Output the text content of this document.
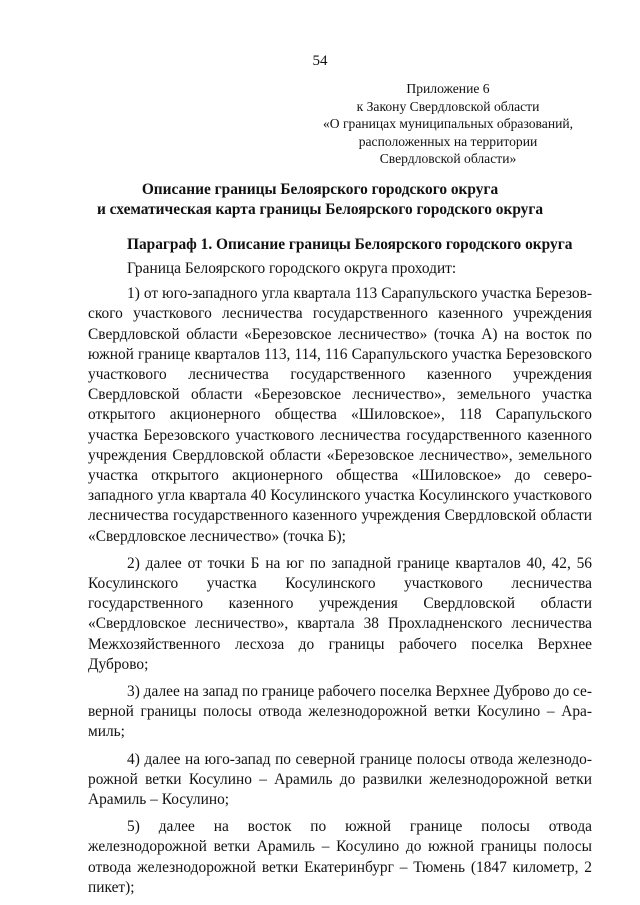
54
Приложение 6
к Закону Свердловской области
«О границах муниципальных образований,
расположенных на территории
Свердловской области»
Описание границы Белоярского городского округа
и схематическая карта границы Белоярского городского округа
Параграф 1. Описание границы Белоярского городского округа

Граница Белоярского городского округа проходит:

1) от юго-западного угла квартала 113 Сарапульского участка Березовского участкового лесничества государственного казенного учреждения Свердловской области «Березовское лесничество» (точка А) на восток по южной границе кварталов 113, 114, 116 Сарапульского участка Березовского участкового лесничества государственного казенного учреждения Свердловской области «Березовское лесничество», земельного участка открытого акционерного общества «Шиловское», 118 Сарапульского участка Березовского участкового лесничества государственного казенного учреждения Свердловской области «Березовское лесничество», земельного участка открытого акционерного общества «Шиловское» до северо-западного угла квартала 40 Косулинского участка Косулинского участкового лесничества государственного казенного учреждения Свердловской области «Свердловское лесничество» (точка Б);

2) далее от точки Б на юг по западной границе кварталов 40, 42, 56 Косулинского участка Косулинского участкового лесничества государственного казенного учреждения Свердловской области «Свердловское лесничество», квартала 38 Прохладненского лесничества Межхозяйственного лесхоза до границы рабочего поселка Верхнее Дуброво;

3) далее на запад по границе рабочего поселка Верхнее Дуброво до северной границы полосы отвода железнодорожной ветки Косулино – Арамиль;

4) далее на юго-запад по северной границе полосы отвода железнодорожной ветки Косулино – Арамиль до развилки железнодорожной ветки Арамиль – Косулино;

5) далее на восток по южной границе полосы отвода железнодорожной ветки Арамиль – Косулино до южной границы полосы отвода железнодорожной ветки Екатеринбург – Тюмень (1847 километр, 2 пикет);
